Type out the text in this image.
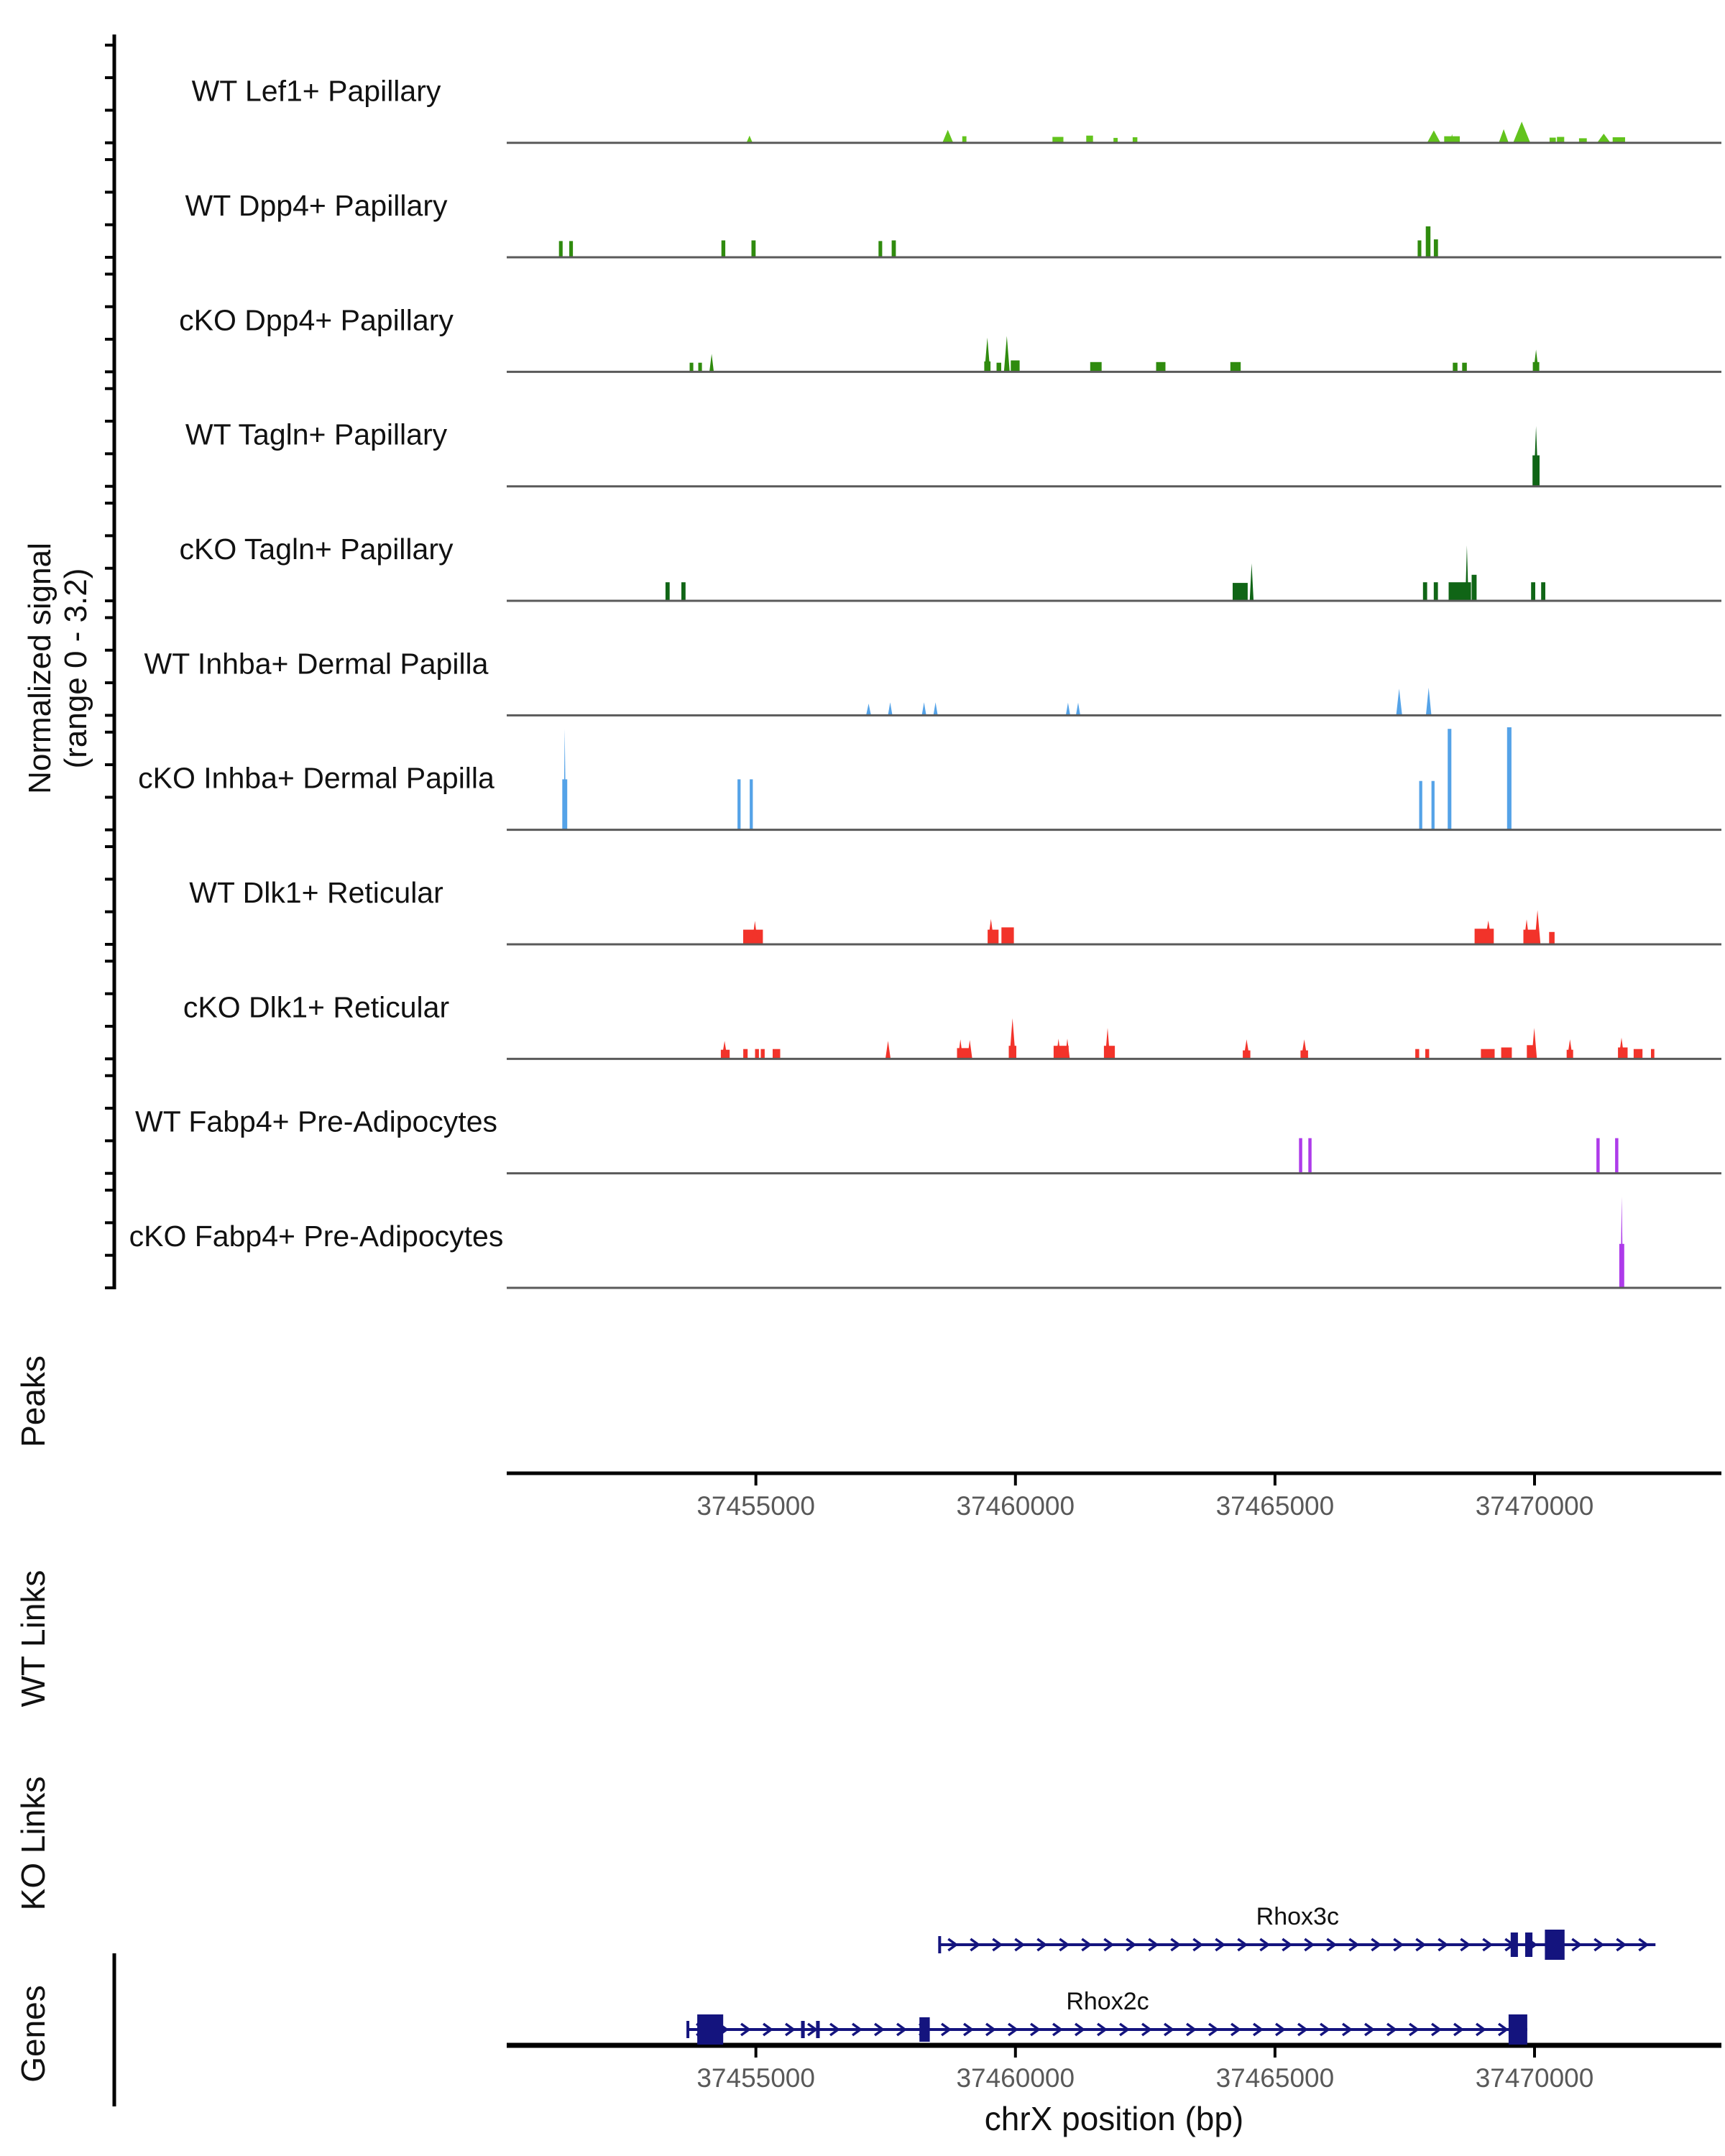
WT Lef1+ Papillary
WT Dpp4+ Papillary
cKO Dpp4+ Papillary
WT Tagln+ Papillary
cKO Tagln+ Papillary
WT Inhba+ Dermal Papilla
cKO Inhba+ Dermal Papilla
WT Dlk1+ Reticular
cKO Dlk1+ Reticular
WT Fabp4+ Pre-Adipocytes
cKO Fabp4+ Pre-Adipocytes
Normalized signal (range 0 - 3.2)
Peaks
WT Links
KO Links
Genes
37455000	37460000	37465000	37470000
37455000	37460000	37465000	37470000
chrX position (bp)
Rhox3c
Rhox2c
